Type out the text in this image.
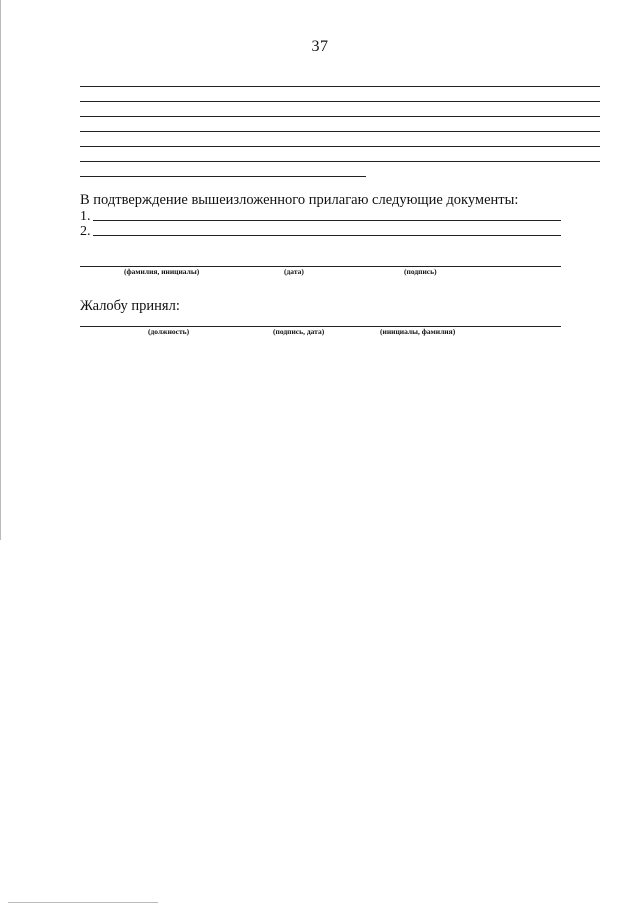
37
В подтверждение вышеизложенного прилагаю следующие документы:
1.
2.
(фамилия, инициалы)	(дата)	(подпись)
Жалобу принял:
(должность)	(подпись, дата)	(инициалы, фамилия)
